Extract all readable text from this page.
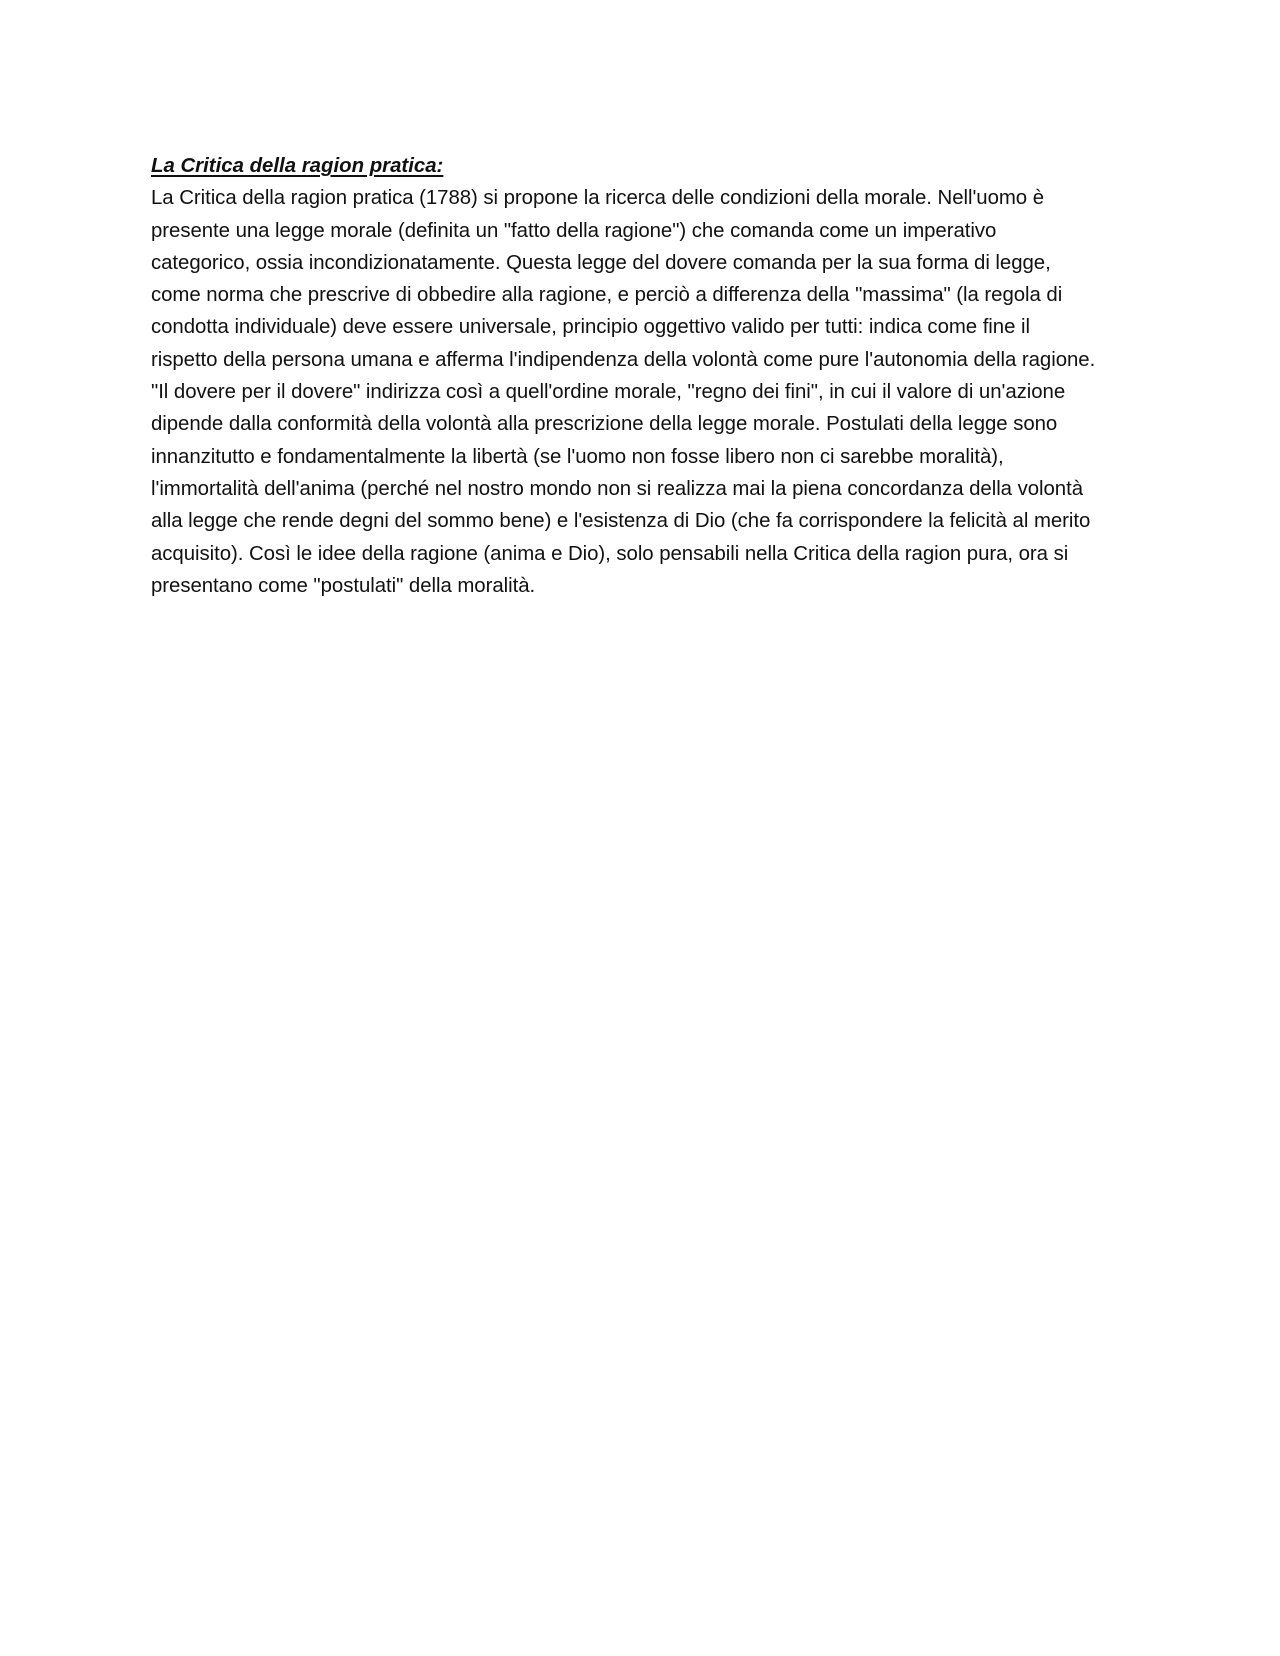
La Critica della ragion pratica:

La Critica della ragion pratica (1788) si propone la ricerca delle condizioni della morale. Nell'uomo è presente una legge morale (definita un "fatto della ragione") che comanda come un imperativo categorico, ossia incondizionatamente. Questa legge del dovere comanda per la sua forma di legge, come norma che prescrive di obbedire alla ragione, e perciò a differenza della "massima" (la regola di condotta individuale) deve essere universale, principio oggettivo valido per tutti: indica come fine il rispetto della persona umana e afferma l'indipendenza della volontà come pure l'autonomia della ragione. "Il dovere per il dovere" indirizza così a quell'ordine morale, "regno dei fini", in cui il valore di un'azione dipende dalla conformità della volontà alla prescrizione della legge morale. Postulati della legge sono innanzitutto e fondamentalmente la libertà (se l'uomo non fosse libero non ci sarebbe moralità), l'immortalità dell'anima (perché nel nostro mondo non si realizza mai la piena concordanza della volontà alla legge che rende degni del sommo bene) e l'esistenza di Dio (che fa corrispondere la felicità al merito acquisito). Così le idee della ragione (anima e Dio), solo pensabili nella Critica della ragion pura, ora si presentano come "postulati" della moralità.
